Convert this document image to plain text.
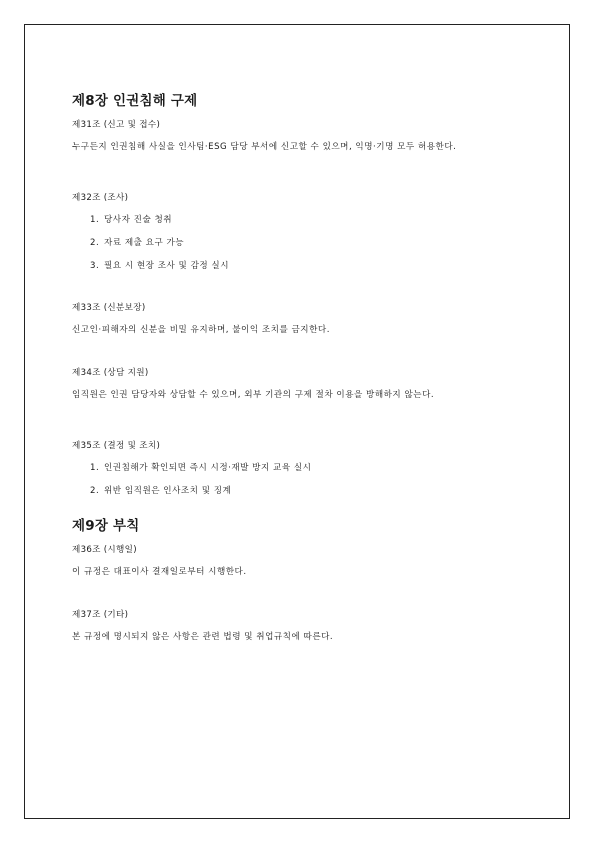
제8장 인권침해 구제

제31조 (신고 및 접수)

누구든지 인권침해 사실을 인사팀·ESG 담당 부서에 신고할 수 있으며, 익명·기명 모두 허용한다.

제32조 (조사)

1. 당사자 진술 청취
2. 자료 제출 요구 가능
3. 필요 시 현장 조사 및 감정 실시

제33조 (신분보장)

신고인·피해자의 신분을 비밀 유지하며, 불이익 조치를 금지한다.

제34조 (상담 지원)

임직원은 인권 담당자와 상담할 수 있으며, 외부 기관의 구제 절차 이용을 방해하지 않는다.

제35조 (결정 및 조치)

1. 인권침해가 확인되면 즉시 시정·재발 방지 교육 실시
2. 위반 임직원은 인사조치 및 징계
제9장 부칙

제36조 (시행일)

이 규정은 대표이사 결재일로부터 시행한다.

제37조 (기타)

본 규정에 명시되지 않은 사항은 관련 법령 및 취업규칙에 따른다.
